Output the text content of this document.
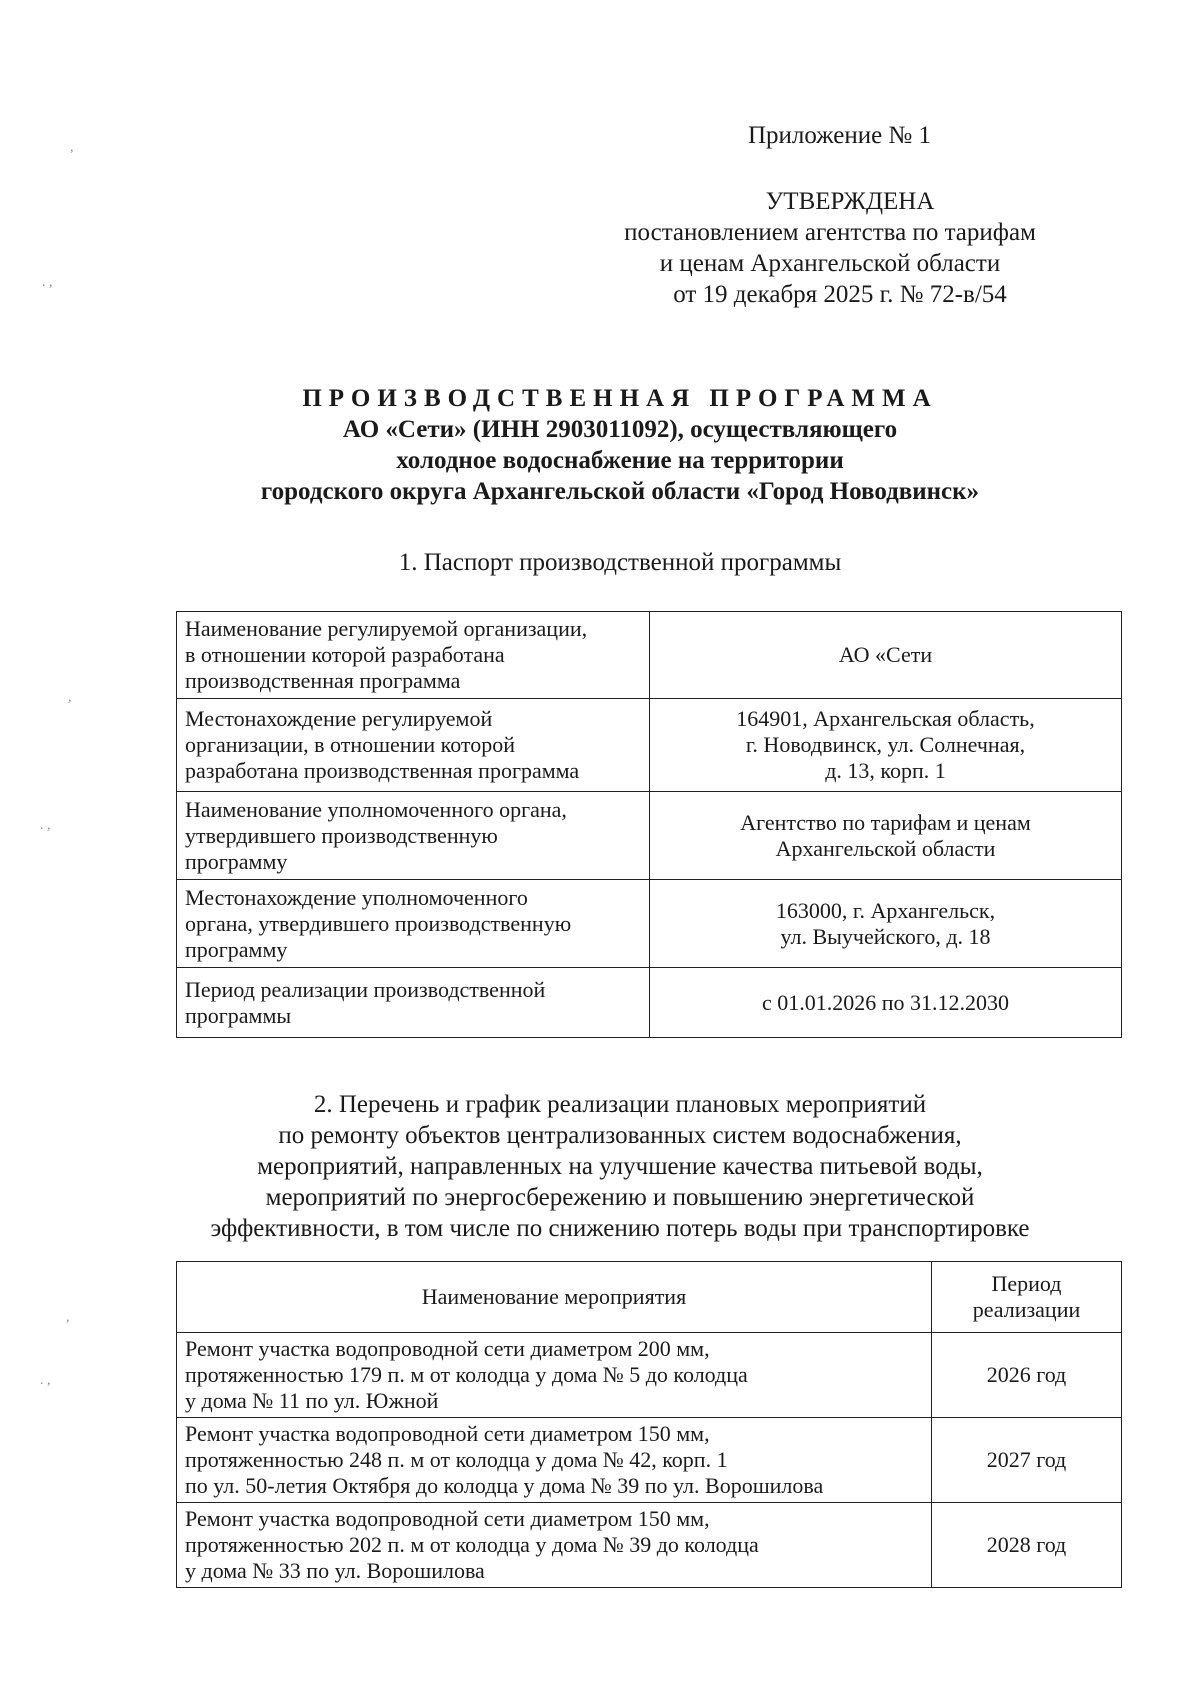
Приложение № 1
УТВЕРЖДЕНА
постановлением агентства по тарифам
и ценам Архангельской области
от 19 декабря 2025 г. № 72-в/54
ПРОИЗВОДСТВЕННАЯ ПРОГРАММА
АО «Сети» (ИНН 2903011092), осуществляющего
холодное водоснабжение на территории
городского округа Архангельской области «Город Новодвинск»
1. Паспорт производственной программы
Наименование регулируемой организации,
в отношении которой разработана
производственная программа	АО «Сети
Местонахождение регулируемой
организации, в отношении которой
разработана производственная программа	164901, Архангельская область,
г. Новодвинск, ул. Солнечная,
д. 13, корп. 1
Наименование уполномоченного органа,
утвердившего производственную
программу	Агентство по тарифам и ценам
Архангельской области
Местонахождение уполномоченного
органа, утвердившего производственную
программу	163000, г. Архангельск,
ул. Выучейского, д. 18
Период реализации производственной
программы	с 01.01.2026 по 31.12.2030
2. Перечень и график реализации плановых мероприятий
по ремонту объектов централизованных систем водоснабжения,
мероприятий, направленных на улучшение качества питьевой воды,
мероприятий по энергосбережению и повышению энергетической
эффективности, в том числе по снижению потерь воды при транспортировке
Наименование мероприятия	Период
реализации
Ремонт участка водопроводной сети диаметром 200 мм,
протяженностью 179 п. м от колодца у дома № 5 до колодца
у дома № 11 по ул. Южной	2026 год
Ремонт участка водопроводной сети диаметром 150 мм,
протяженностью 248 п. м от колодца у дома № 42, корп. 1
по ул. 50-летия Октября до колодца у дома № 39 по ул. Ворошилова	2027 год
Ремонт участка водопроводной сети диаметром 150 мм,
протяженностью 202 п. м от колодца у дома № 39 до колодца
у дома № 33 по ул. Ворошилова	2028 год
,
. ,
,
. ,
,
. ,
